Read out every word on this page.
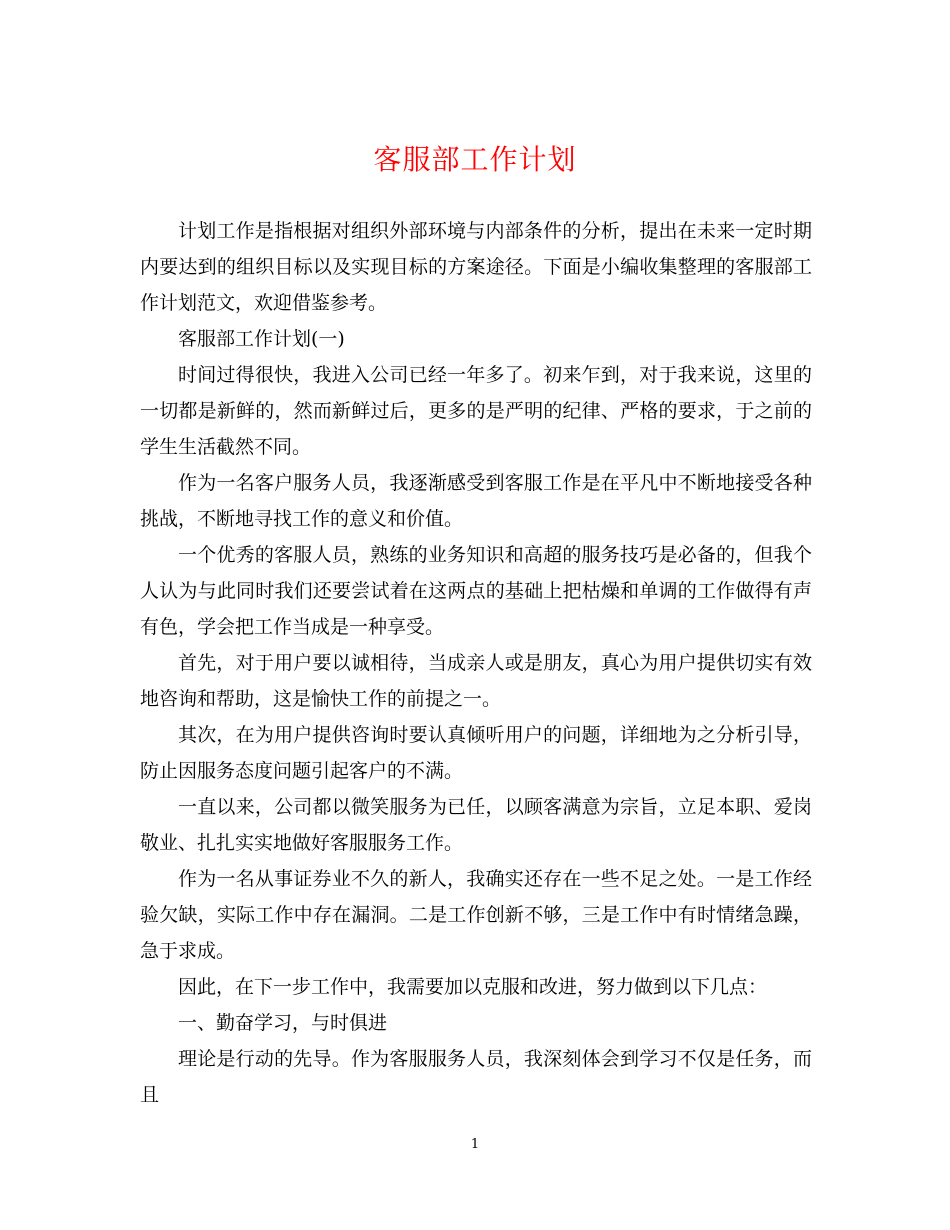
客服部工作计划

计划工作是指根据对组织外部环境与内部条件的分析，提出在未来一定时期内要达到的组织目标以及实现目标的方案途径。下面是小编收集整理的客服部工作计划范文，欢迎借鉴参考。

客服部工作计划(一)

时间过得很快，我进入公司已经一年多了。初来乍到，对于我来说，这里的一切都是新鲜的，然而新鲜过后，更多的是严明的纪律、严格的要求，于之前的学生生活截然不同。

作为一名客户服务人员，我逐渐感受到客服工作是在平凡中不断地接受各种挑战，不断地寻找工作的意义和价值。

一个优秀的客服人员，熟练的业务知识和高超的服务技巧是必备的，但我个人认为与此同时我们还要尝试着在这两点的基础上把枯燥和单调的工作做得有声有色，学会把工作当成是一种享受。

首先，对于用户要以诚相待，当成亲人或是朋友，真心为用户提供切实有效地咨询和帮助，这是愉快工作的前提之一。

其次，在为用户提供咨询时要认真倾听用户的问题，详细地为之分析引导，防止因服务态度问题引起客户的不满。

一直以来，公司都以微笑服务为已任，以顾客满意为宗旨，立足本职、爱岗敬业、扎扎实实地做好客服服务工作。

作为一名从事证券业不久的新人，我确实还存在一些不足之处。一是工作经验欠缺，实际工作中存在漏洞。二是工作创新不够，三是工作中有时情绪急躁，急于求成。

因此，在下一步工作中，我需要加以克服和改进，努力做到以下几点：

一、勤奋学习，与时俱进

理论是行动的先导。作为客服服务人员，我深刻体会到学习不仅是任务，而且

1
